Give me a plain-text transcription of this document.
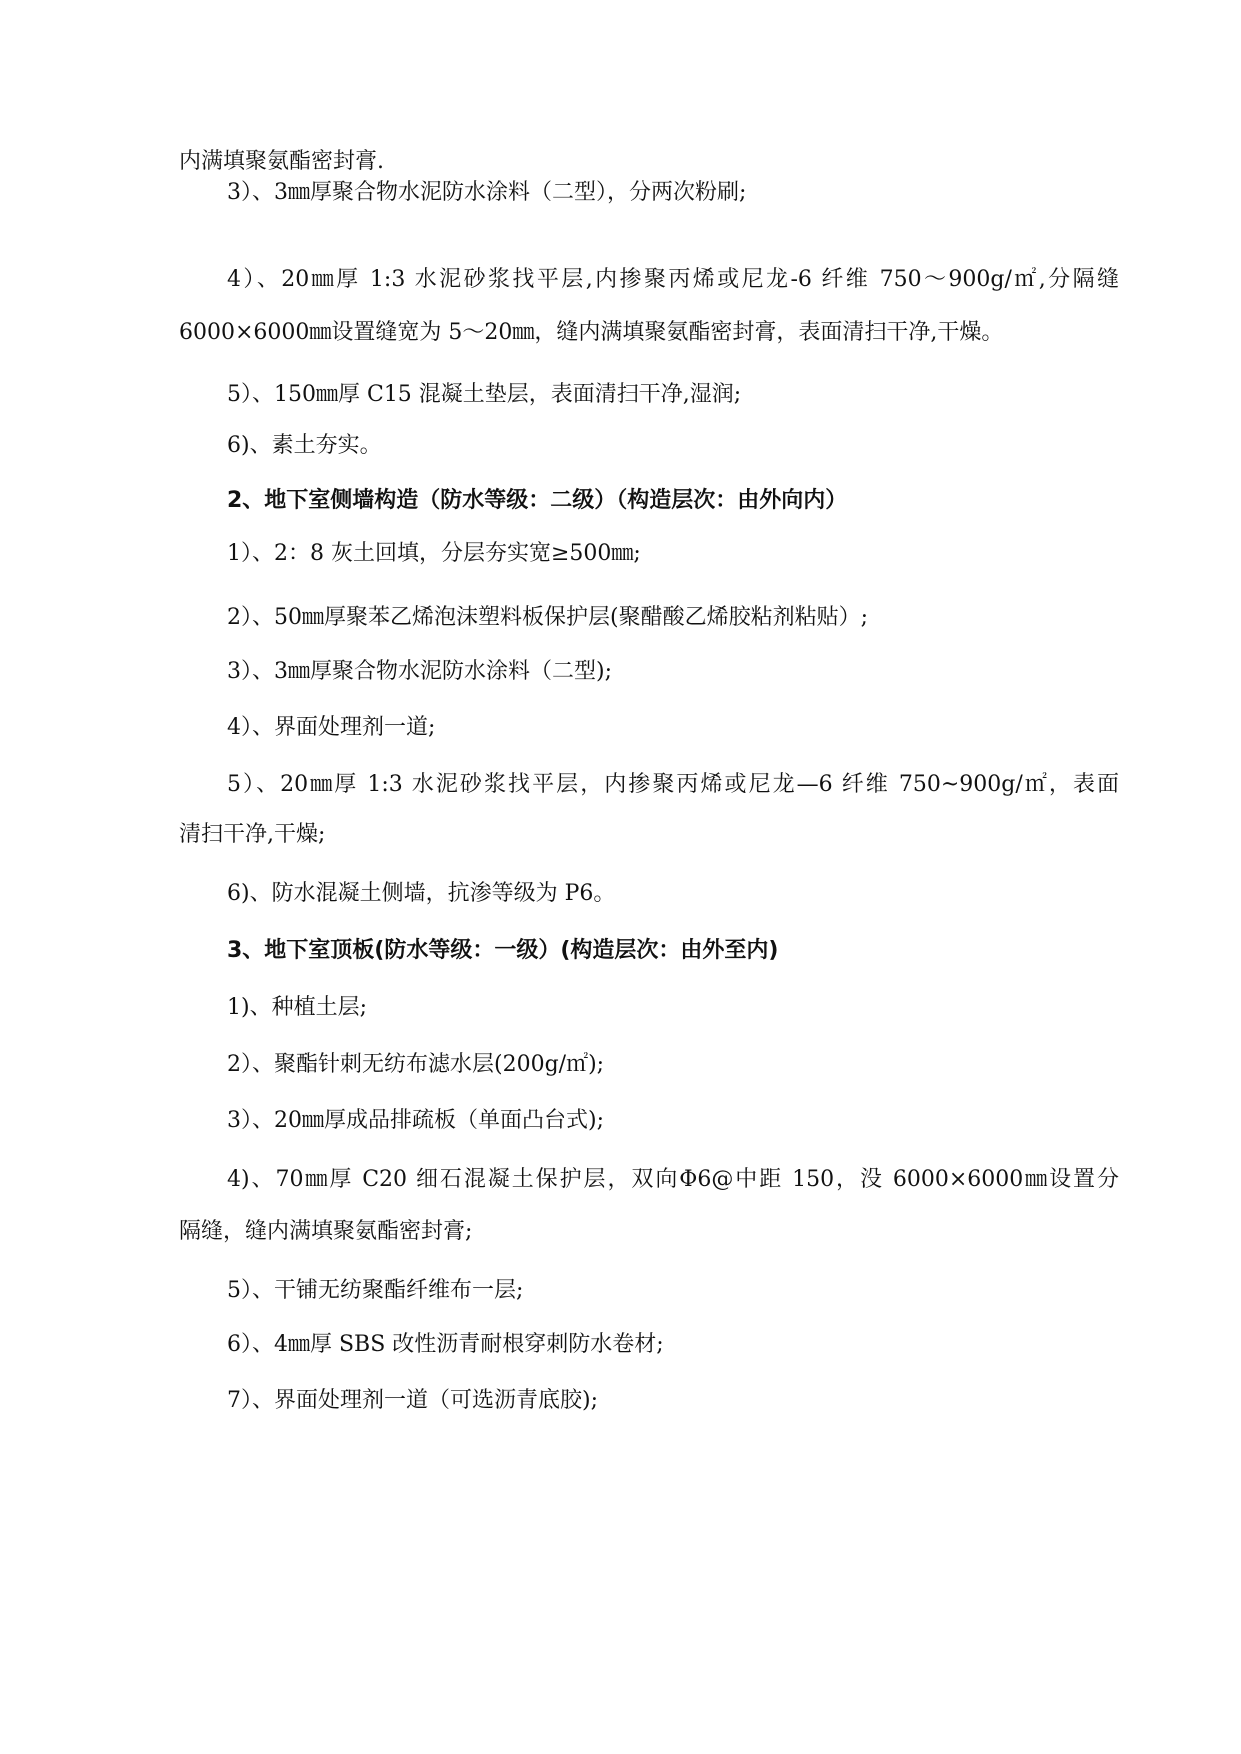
内满填聚氨酯密封膏.
3）、3㎜厚聚合物水泥防水涂料（二型），分两次粉刷;
4）、20㎜厚 1:3 水泥砂浆找平层,内掺聚丙烯或尼龙-6 纤维 750～900g/㎡,分隔缝
6000×6000㎜设置缝宽为 5～20㎜，缝内满填聚氨酯密封膏，表面清扫干净,干燥。
5）、150㎜厚 C15 混凝土垫层，表面清扫干净,湿润;
6)、素土夯实。
2、地下室侧墙构造（防水等级：二级）（构造层次：由外向内）
1）、2：8 灰土回填，分层夯实宽≥500㎜;
2）、50㎜厚聚苯乙烯泡沫塑料板保护层(聚醋酸乙烯胶粘剂粘贴）;
3）、3㎜厚聚合物水泥防水涂料（二型);
4）、界面处理剂一道;
5）、20㎜厚 1:3 水泥砂浆找平层，内掺聚丙烯或尼龙—6 纤维 750~900g/㎡，表面
清扫干净,干燥;
6)、防水混凝土侧墙，抗渗等级为 P6。
3、地下室顶板(防水等级：一级）(构造层次：由外至内)
1)、种植土层;
2）、聚酯针刺无纺布滤水层(200g/㎡);
3）、20㎜厚成品排疏板（单面凸台式);
4)、70㎜厚 C20 细石混凝土保护层，双向Φ6@中距 150，没 6000×6000㎜设置分
隔缝，缝内满填聚氨酯密封膏;
5）、干铺无纺聚酯纤维布一层;
6）、4㎜厚 SBS 改性沥青耐根穿刺防水卷材;
7）、界面处理剂一道（可选沥青底胶);
